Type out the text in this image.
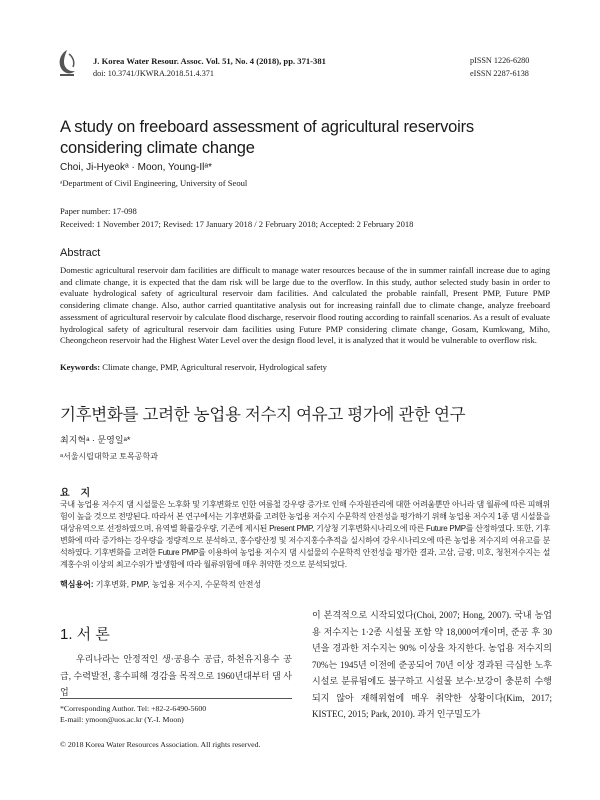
J. Korea Water Resour. Assoc. Vol. 51, No. 4 (2018), pp. 371-381
doi: 10.3741/JKWRA.2018.51.4.371
pISSN 1226-6280
eISSN 2287-6138
A study on freeboard assessment of agricultural reservoirs considering climate change
Choi, Ji-Hyeokᵃ · Moon, Young-Ilᵃ*
ᵃDepartment of Civil Engineering, University of Seoul
Paper number: 17-098
Received: 1 November 2017; Revised: 17 January 2018 / 2 February 2018; Accepted: 2 February 2018
Abstract
Domestic agricultural reservoir dam facilities are difficult to manage water resources because of the in summer rainfall increase due to aging and climate change, it is expected that the dam risk will be large due to the overflow. In this study, author selected study basin in order to evaluate hydrological safety of agricultural reservoir dam facilities. And calculated the probable rainfall, Present PMP, Future PMP considering climate change. Also, author carried quantitative analysis out for increasing rainfall due to climate change, analyze freeboard assessment of agricultural reservoir by calculate flood discharge, reservoir flood routing according to rainfall scenarios. As a result of evaluate hydrological safety of agricultural reservoir dam facilities using Future PMP considering climate change, Gosam, Kumkwang, Miho, Cheongcheon reservoir had the Highest Water Level over the design flood level, it is analyzed that it would be vulnerable to overflow risk.
Keywords: Climate change, PMP, Agricultural reservoir, Hydrological safety
기후변화를 고려한 농업용 저수지 여유고 평가에 관한 연구
최지혁ᵃ · 문영일ᵃ*
ᵃ서울시립대학교 토목공학과
요 지
국내 농업용 저수지 댐 시설물은 노후화 및 기후변화로 인한 여름철 강우량 증가로 인해 수자원관리에 대한 어려움뿐만 아니라 댐 월류에 따른 피해위험이 높을 것으로 전망된다. 따라서 본 연구에서는 기후변화를 고려한 농업용 저수지 수문학적 안전성을 평가하기 위해 농업용 저수지 1종 댐 시설물을 대상유역으로 선정하였으며, 유역별 확률강우량, 기존에 제시된 Present PMP, 기상청 기후변화시나리오에 따른 Future PMP를 산정하였다. 또한, 기후변화에 따라 증가하는 강우량을 정량적으로 분석하고, 홍수량산정 및 저수지홍수추적을 실시하여 강우시나리오에 따른 농업용 저수지의 여유고를 분석하였다. 기후변화를 고려한 Future PMP를 이용하여 농업용 저수지 댐 시설물의 수문학적 안전성을 평가한 결과, 고삼, 금광, 미호, 청천저수지는 설계홍수위 이상의 최고수위가 발생함에 따라 월류위험에 매우 취약한 것으로 분석되었다.
핵심용어: 기후변화, PMP, 농업용 저수지, 수문학적 안전성
1. 서 론
우리나라는 안정적인 생·공용수 공급, 하천유지용수 공급, 수력발전, 홍수피해 경감을 목적으로 1960년대부터 댐 사업
이 본격적으로 시작되었다(Choi, 2007; Hong, 2007). 국내 농업용 저수지는 1·2종 시설물 포함 약 18,000여개이며, 준공 후 30년을 경과한 저수지는 90% 이상을 차지한다. 농업용 저수지의 70%는 1945년 이전에 준공되어 70년 이상 경과된 극심한 노후시설로 분류됨에도 불구하고 시설물 보수·보강이 충분히 수행되지 않아 재해위험에 매우 취약한 상황이다(Kim, 2017; KISTEC, 2015; Park, 2010). 과거 인구밀도가
*Corresponding Author. Tel: +82-2-6490-5600
E-mail: ymoon@uos.ac.kr (Y.-I. Moon)
© 2018 Korea Water Resources Association. All rights reserved.
